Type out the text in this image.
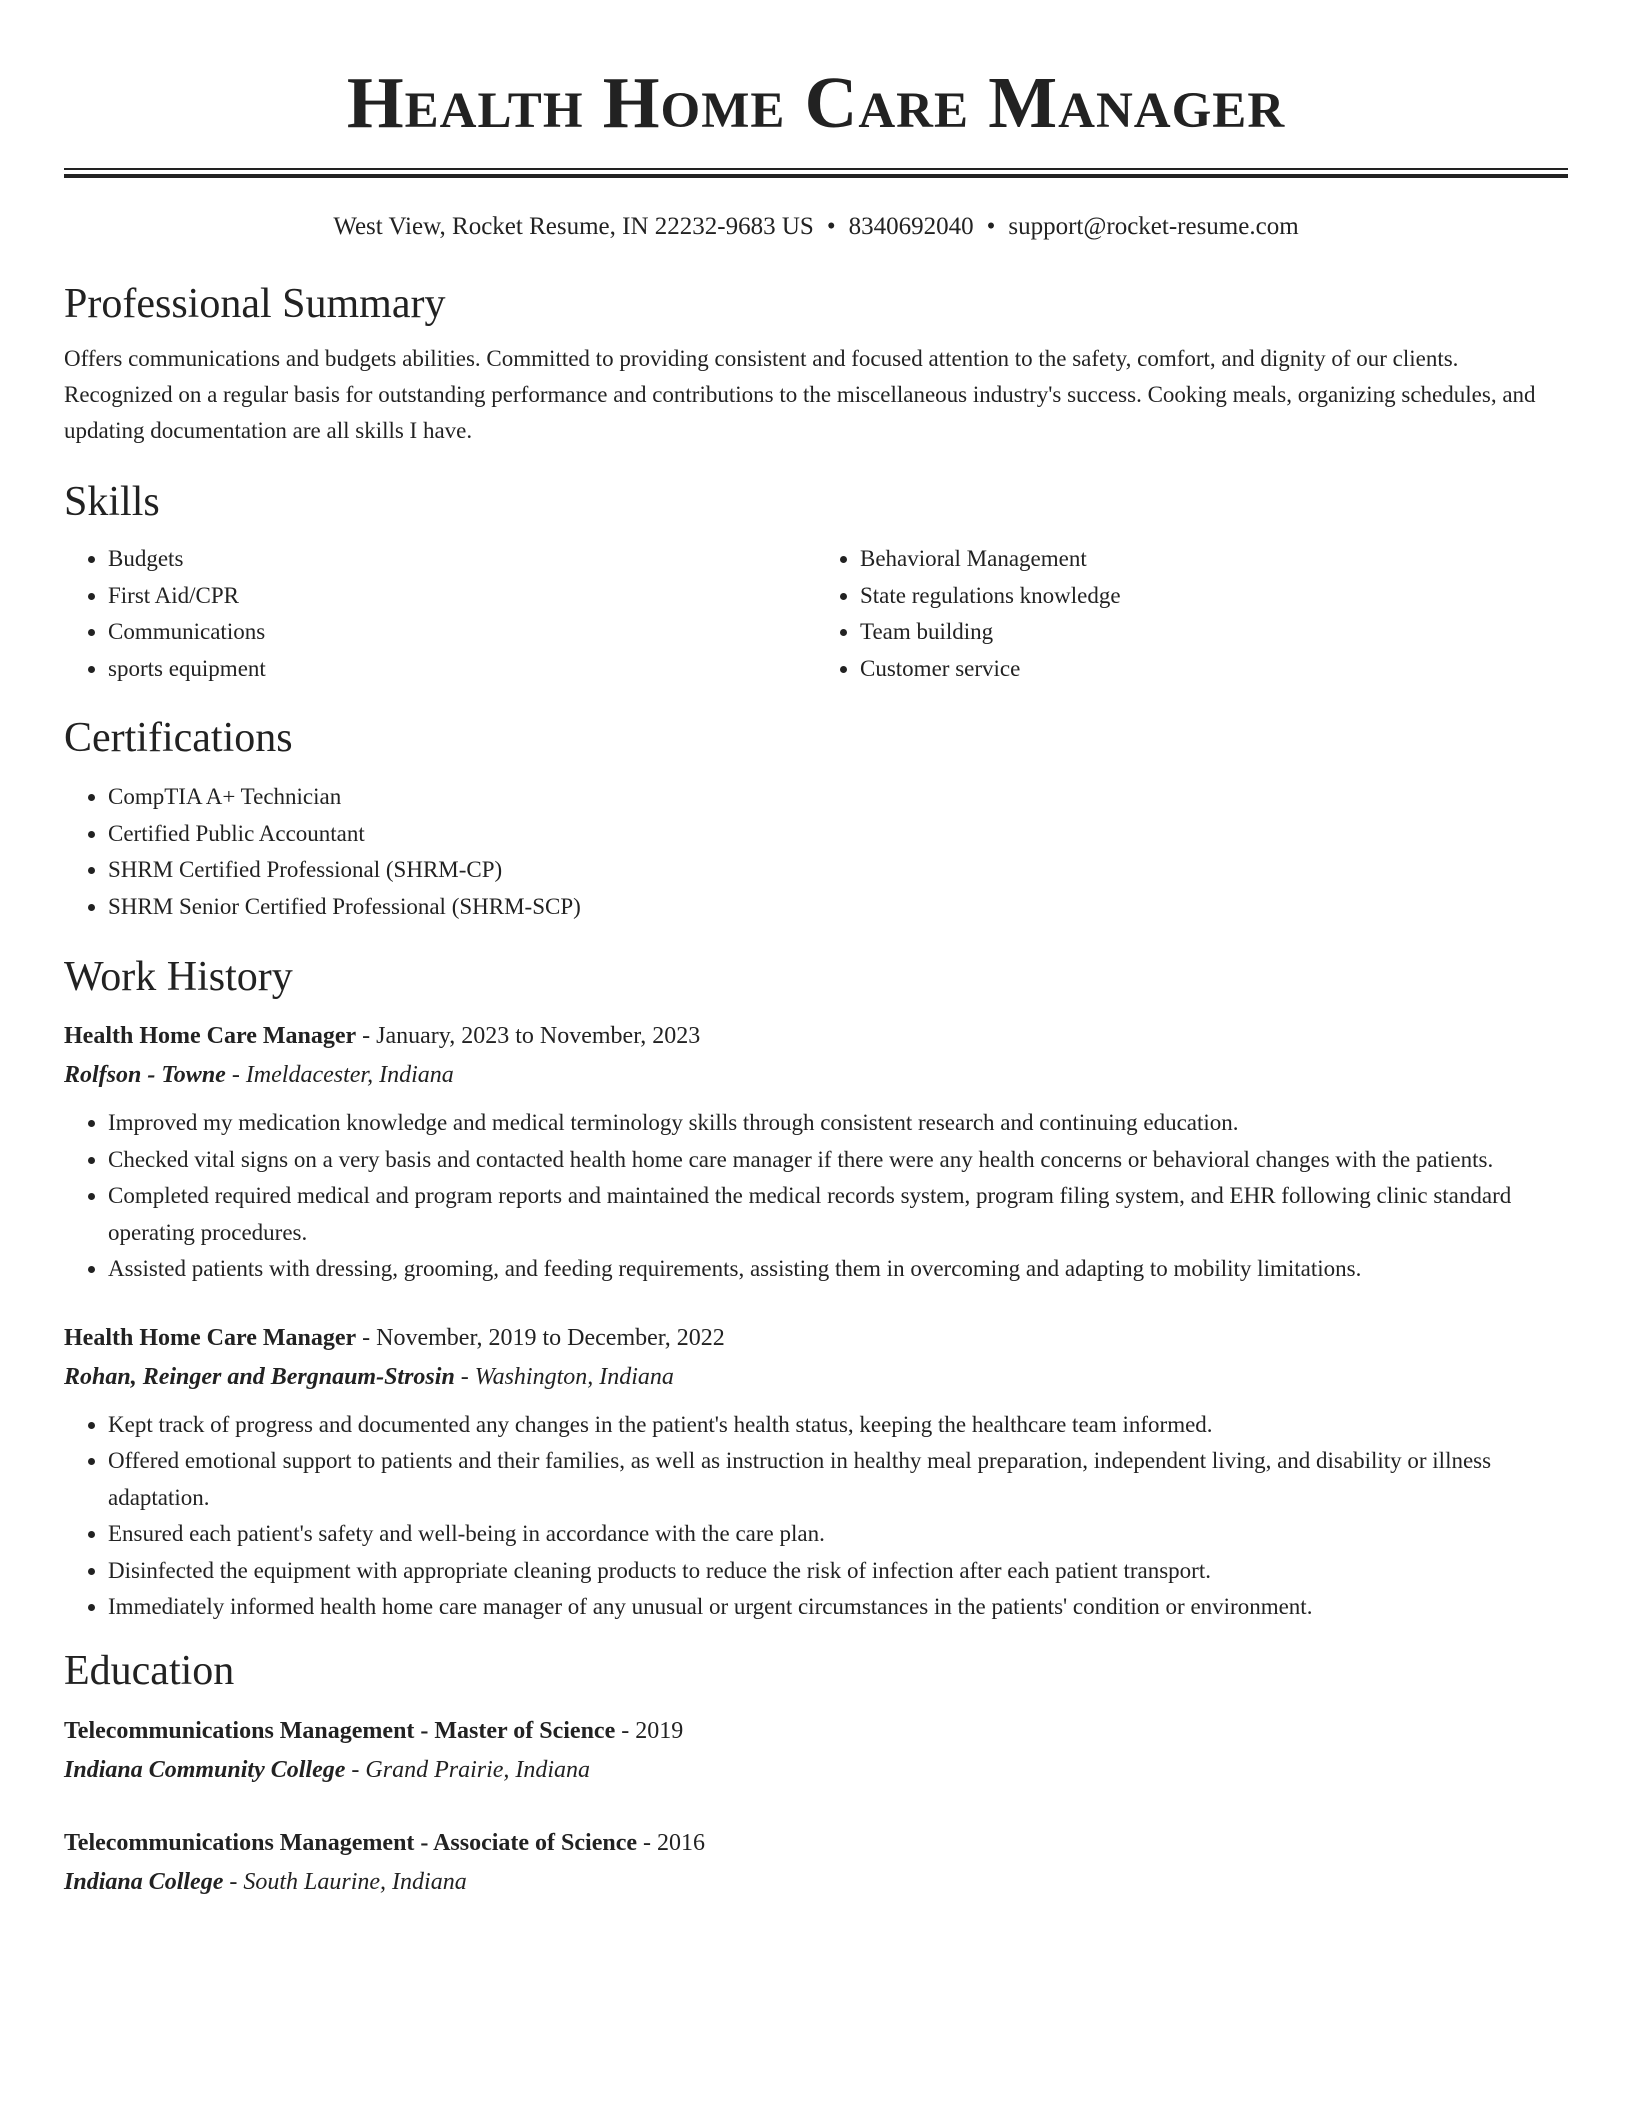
Health Home Care Manager
West View, Rocket Resume, IN 22232-9683 US • 8340692040 • support@rocket-resume.com
Professional Summary
Offers communications and budgets abilities. Committed to providing consistent and focused attention to the safety, comfort, and dignity of our clients. Recognized on a regular basis for outstanding performance and contributions to the miscellaneous industry's success. Cooking meals, organizing schedules, and updating documentation are all skills I have.
Skills
• Budgets
• First Aid/CPR
• Communications
• sports equipment
• Behavioral Management
• State regulations knowledge
• Team building
• Customer service
Certifications
• CompTIA A+ Technician
• Certified Public Accountant
• SHRM Certified Professional (SHRM-CP)
• SHRM Senior Certified Professional (SHRM-SCP)
Work History
Health Home Care Manager - January, 2023 to November, 2023
Rolfson - Towne - Imeldacester, Indiana
• Improved my medication knowledge and medical terminology skills through consistent research and continuing education.
• Checked vital signs on a very basis and contacted health home care manager if there were any health concerns or behavioral changes with the patients.
• Completed required medical and program reports and maintained the medical records system, program filing system, and EHR following clinic standard operating procedures.
• Assisted patients with dressing, grooming, and feeding requirements, assisting them in overcoming and adapting to mobility limitations.
Health Home Care Manager - November, 2019 to December, 2022
Rohan, Reinger and Bergnaum-Strosin - Washington, Indiana
• Kept track of progress and documented any changes in the patient's health status, keeping the healthcare team informed.
• Offered emotional support to patients and their families, as well as instruction in healthy meal preparation, independent living, and disability or illness adaptation.
• Ensured each patient's safety and well-being in accordance with the care plan.
• Disinfected the equipment with appropriate cleaning products to reduce the risk of infection after each patient transport.
• Immediately informed health home care manager of any unusual or urgent circumstances in the patients' condition or environment.
Education
Telecommunications Management - Master of Science - 2019
Indiana Community College - Grand Prairie, Indiana
Telecommunications Management - Associate of Science - 2016
Indiana College - South Laurine, Indiana
